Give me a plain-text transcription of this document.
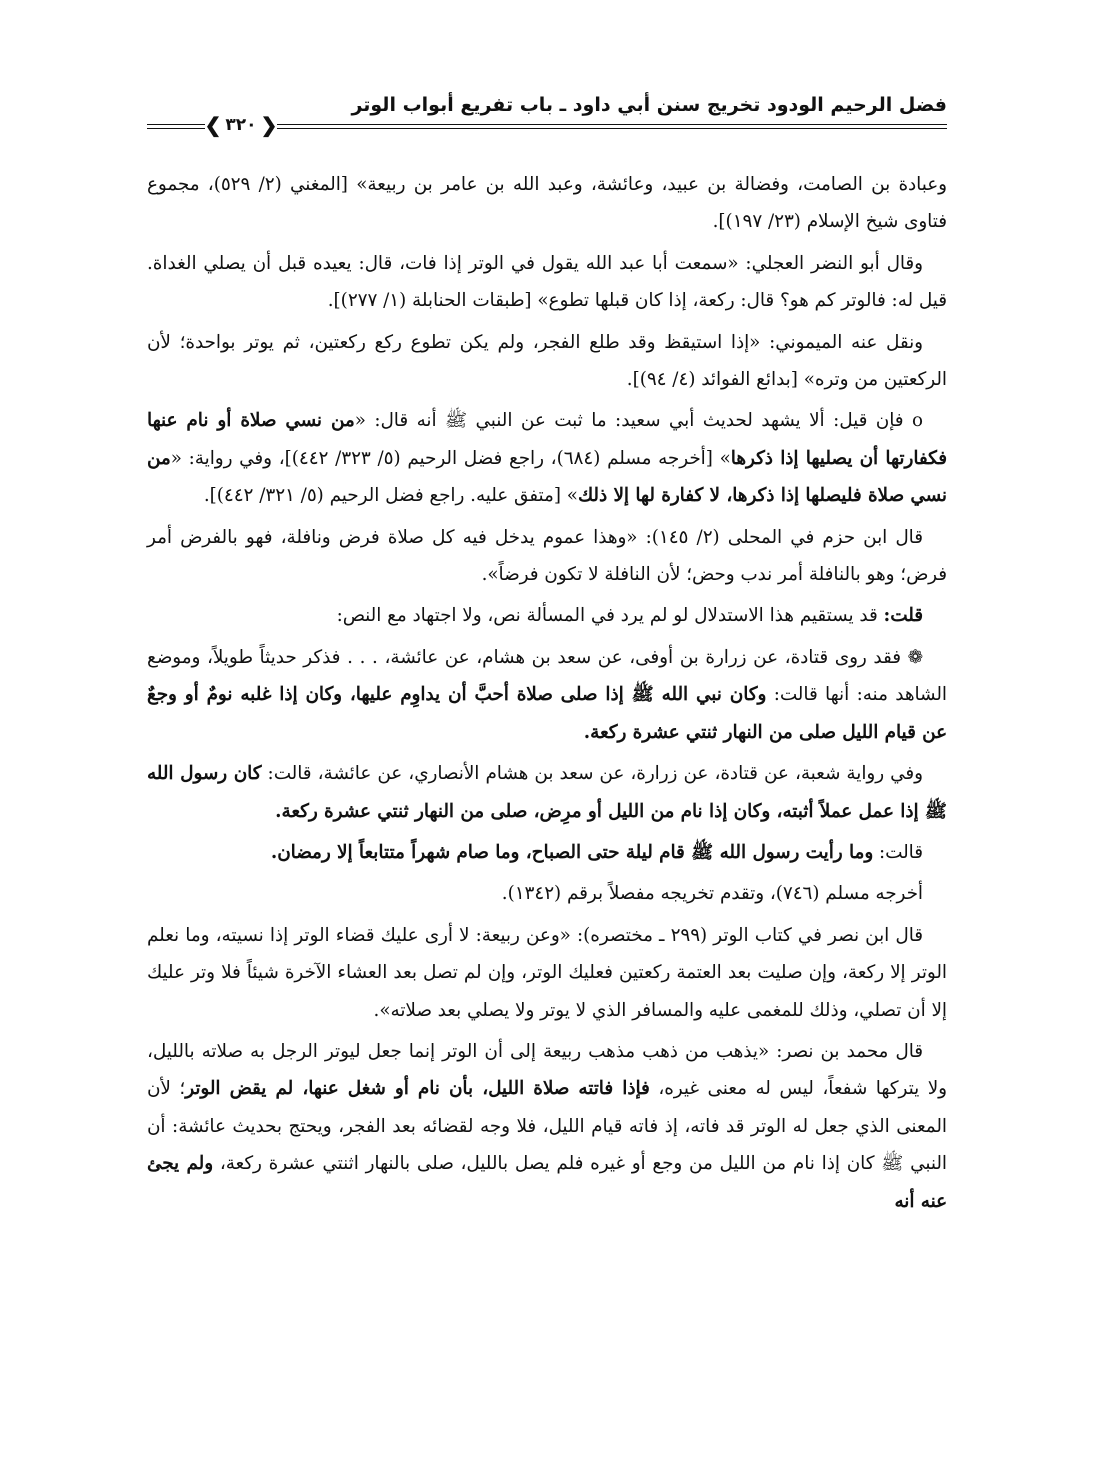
فضل الرحيم الودود تخريج سنن أبي داود ـ باب تفريع أبواب الوتر
❮
٣٢٠
❯

وعبادة بن الصامت، وفضالة بن عبيد، وعائشة، وعبد الله بن عامر بن ربيعة» [المغني (٢/ ٥٢٩)، مجموع فتاوى شيخ الإسلام (٢٣/ ١٩٧)].

وقال أبو النضر العجلي: «سمعت أبا عبد الله يقول في الوتر إذا فات، قال: يعيده قبل أن يصلي الغداة. قيل له: فالوتر كم هو؟ قال: ركعة، إذا كان قبلها تطوع» [طبقات الحنابلة (١/ ٢٧٧)].

ونقل عنه الميموني: «إذا استيقظ وقد طلع الفجر، ولم يكن تطوع ركع ركعتين، ثم يوتر بواحدة؛ لأن الركعتين من وتره» [بدائع الفوائد (٤/ ٩٤)].

o فإن قيل: ألا يشهد لحديث أبي سعيد: ما ثبت عن النبي ﷺ أنه قال: «من نسي صلاة أو نام عنها فكفارتها أن يصليها إذا ذكرها» [أخرجه مسلم (٦٨٤)، راجع فضل الرحيم (٥/ ٣٢٣/ ٤٤٢)]، وفي رواية: «من نسي صلاة فليصلها إذا ذكرها، لا كفارة لها إلا ذلك» [متفق عليه. راجع فضل الرحيم (٥/ ٣٢١/ ٤٤٢)].

قال ابن حزم في المحلى (٢/ ١٤٥): «وهذا عموم يدخل فيه كل صلاة فرض ونافلة، فهو بالفرض أمر فرض؛ وهو بالنافلة أمر ندب وحض؛ لأن النافلة لا تكون فرضاً».

قلت: قد يستقيم هذا الاستدلال لو لم يرد في المسألة نص، ولا اجتهاد مع النص:

❁ فقد روى قتادة، عن زرارة بن أوفى، عن سعد بن هشام، عن عائشة، . . . فذكر حديثاً طويلاً، وموضع الشاهد منه: أنها قالت: وكان نبي الله ﷺ إذا صلى صلاة أحبَّ أن يداوِم عليها، وكان إذا غلبه نومٌ أو وجعٌ عن قيام الليل صلى من النهار ثنتي عشرة ركعة.

وفي رواية شعبة، عن قتادة، عن زرارة، عن سعد بن هشام الأنصاري، عن عائشة، قالت: كان رسول الله ﷺ إذا عمل عملاً أثبته، وكان إذا نام من الليل أو مرِض، صلى من النهار ثنتي عشرة ركعة.

قالت: وما رأيت رسول الله ﷺ قام ليلة حتى الصباح، وما صام شهراً متتابعاً إلا رمضان.

أخرجه مسلم (٧٤٦)، وتقدم تخريجه مفصلاً برقم (١٣٤٢).

قال ابن نصر في كتاب الوتر (٢٩٩ ـ مختصره): «وعن ربيعة: لا أرى عليك قضاء الوتر إذا نسيته، وما نعلم الوتر إلا ركعة، وإن صليت بعد العتمة ركعتين فعليك الوتر، وإن لم تصل بعد العشاء الآخرة شيئاً فلا وتر عليك إلا أن تصلي، وذلك للمغمى عليه والمسافر الذي لا يوتر ولا يصلي بعد صلاته».

قال محمد بن نصر: «يذهب من ذهب مذهب ربيعة إلى أن الوتر إنما جعل ليوتر الرجل به صلاته بالليل، ولا يتركها شفعاً، ليس له معنى غيره، فإذا فاتته صلاة الليل، بأن نام أو شغل عنها، لم يقض الوتر؛ لأن المعنى الذي جعل له الوتر قد فاته، إذ فاته قيام الليل، فلا وجه لقضائه بعد الفجر، ويحتج بحديث عائشة: أن النبي ﷺ كان إذا نام من الليل من وجع أو غيره فلم يصل بالليل، صلى بالنهار اثنتي عشرة ركعة، ولم يجئ عنه أنه
